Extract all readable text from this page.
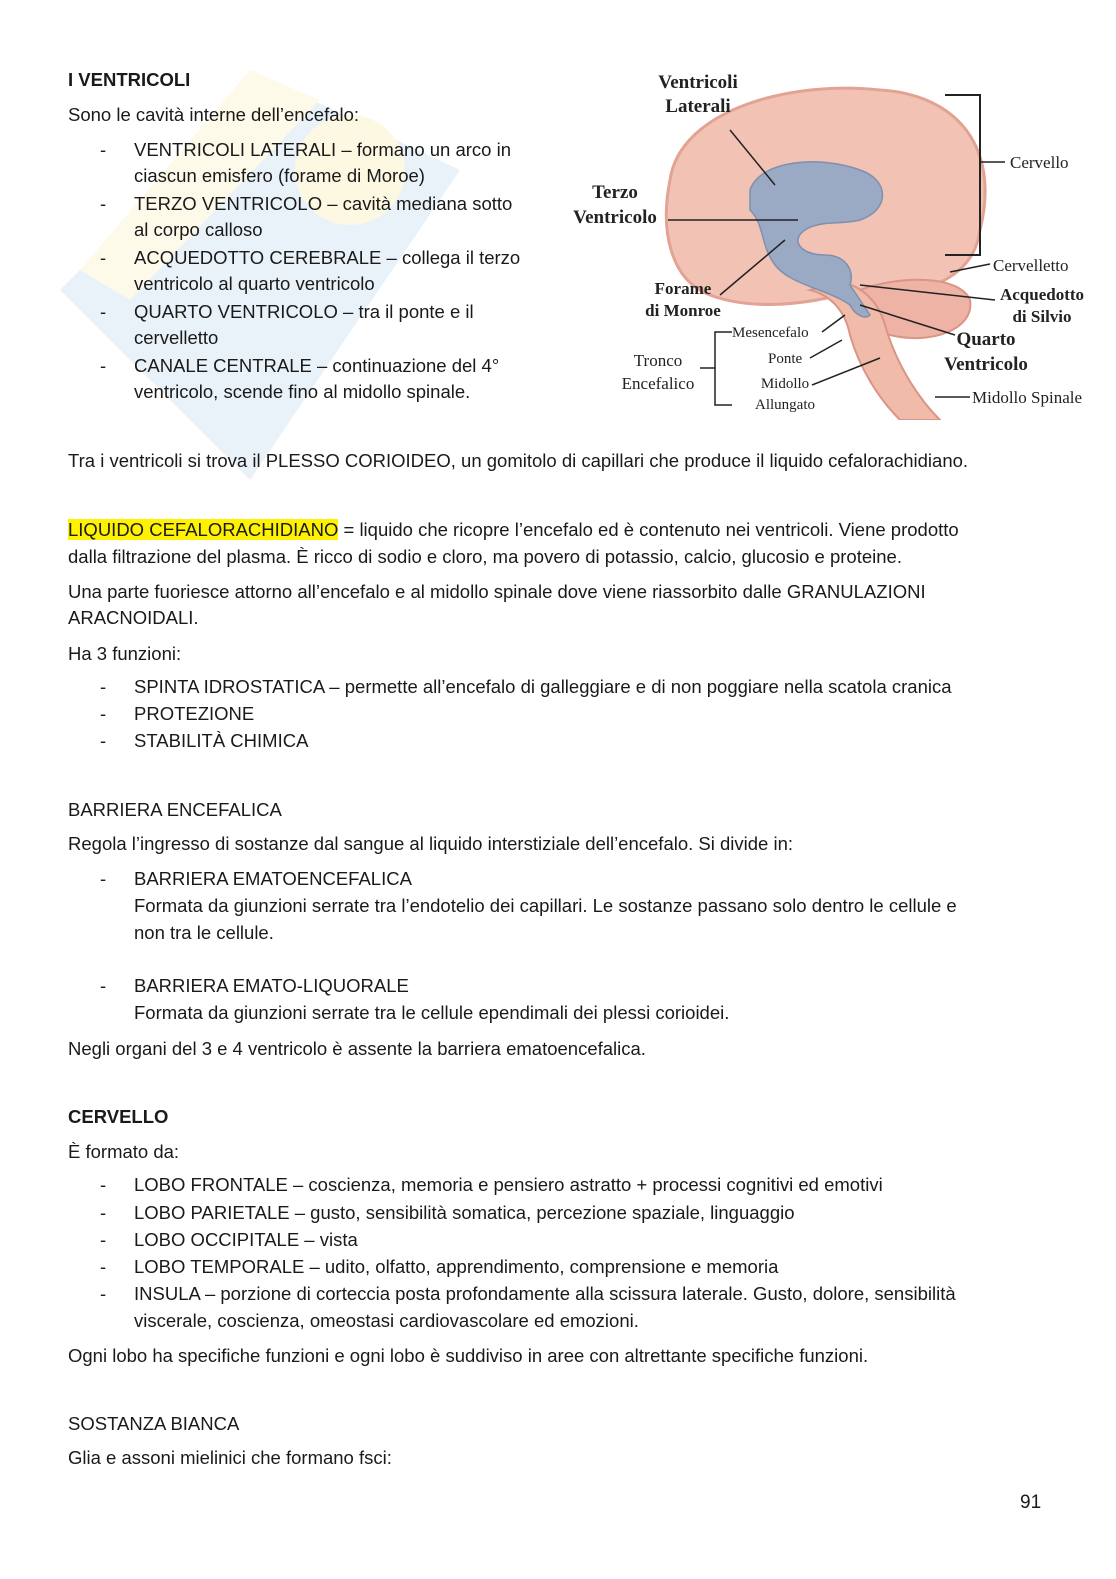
I VENTRICOLI
Sono le cavità interne dell’encefalo:
- VENTRICOLI LATERALI – formano un arco in
ciascun emisfero (forame di Moroe)
- TERZO VENTRICOLO – cavità mediana sotto
al corpo calloso
- ACQUEDOTTO CEREBRALE – collega il terzo
ventricolo al quarto ventricolo
- QUARTO VENTRICOLO – tra il ponte e il
cervelletto
- CANALE CENTRALE – continuazione del 4°
ventricolo, scende fino al midollo spinale.
Ventricoli
Laterali
Terzo
Ventricolo
Forame
di Monroe
Tronco
Encefalico
Mesencefalo
Ponte
Midollo
Allungato
Cervello
Cervelletto
Acquedotto
di Silvio
Quarto
Ventricolo
Midollo Spinale
Tra i ventricoli si trova il PLESSO CORIOIDEO, un gomitolo di capillari che produce il liquido cefalorachidiano.
LIQUIDO CEFALORACHIDIANO = liquido che ricopre l’encefalo ed è contenuto nei ventricoli. Viene prodotto
dalla filtrazione del plasma. È ricco di sodio e cloro, ma povero di potassio, calcio, glucosio e proteine.
Una parte fuoriesce attorno all’encefalo e al midollo spinale dove viene riassorbito dalle GRANULAZIONI
ARACNOIDALI.
Ha 3 funzioni:
- SPINTA IDROSTATICA – permette all’encefalo di galleggiare e di non poggiare nella scatola cranica
- PROTEZIONE
- STABILITÀ CHIMICA
BARRIERA ENCEFALICA
Regola l’ingresso di sostanze dal sangue al liquido interstiziale dell’encefalo. Si divide in:
- BARRIERA EMATOENCEFALICA
Formata da giunzioni serrate tra l’endotelio dei capillari. Le sostanze passano solo dentro le cellule e
non tra le cellule.
- BARRIERA EMATO-LIQUORALE
Formata da giunzioni serrate tra le cellule ependimali dei plessi corioidei.
Negli organi del 3 e 4 ventricolo è assente la barriera ematoencefalica.
CERVELLO
È formato da:
- LOBO FRONTALE – coscienza, memoria e pensiero astratto + processi cognitivi ed emotivi
- LOBO PARIETALE – gusto, sensibilità somatica, percezione spaziale, linguaggio
- LOBO OCCIPITALE – vista
- LOBO TEMPORALE – udito, olfatto, apprendimento, comprensione e memoria
- INSULA – porzione di corteccia posta profondamente alla scissura laterale. Gusto, dolore, sensibilità
viscerale, coscienza, omeostasi cardiovascolare ed emozioni.
Ogni lobo ha specifiche funzioni e ogni lobo è suddiviso in aree con altrettante specifiche funzioni.
SOSTANZA BIANCA
Glia e assoni mielinici che formano fsci:
91
